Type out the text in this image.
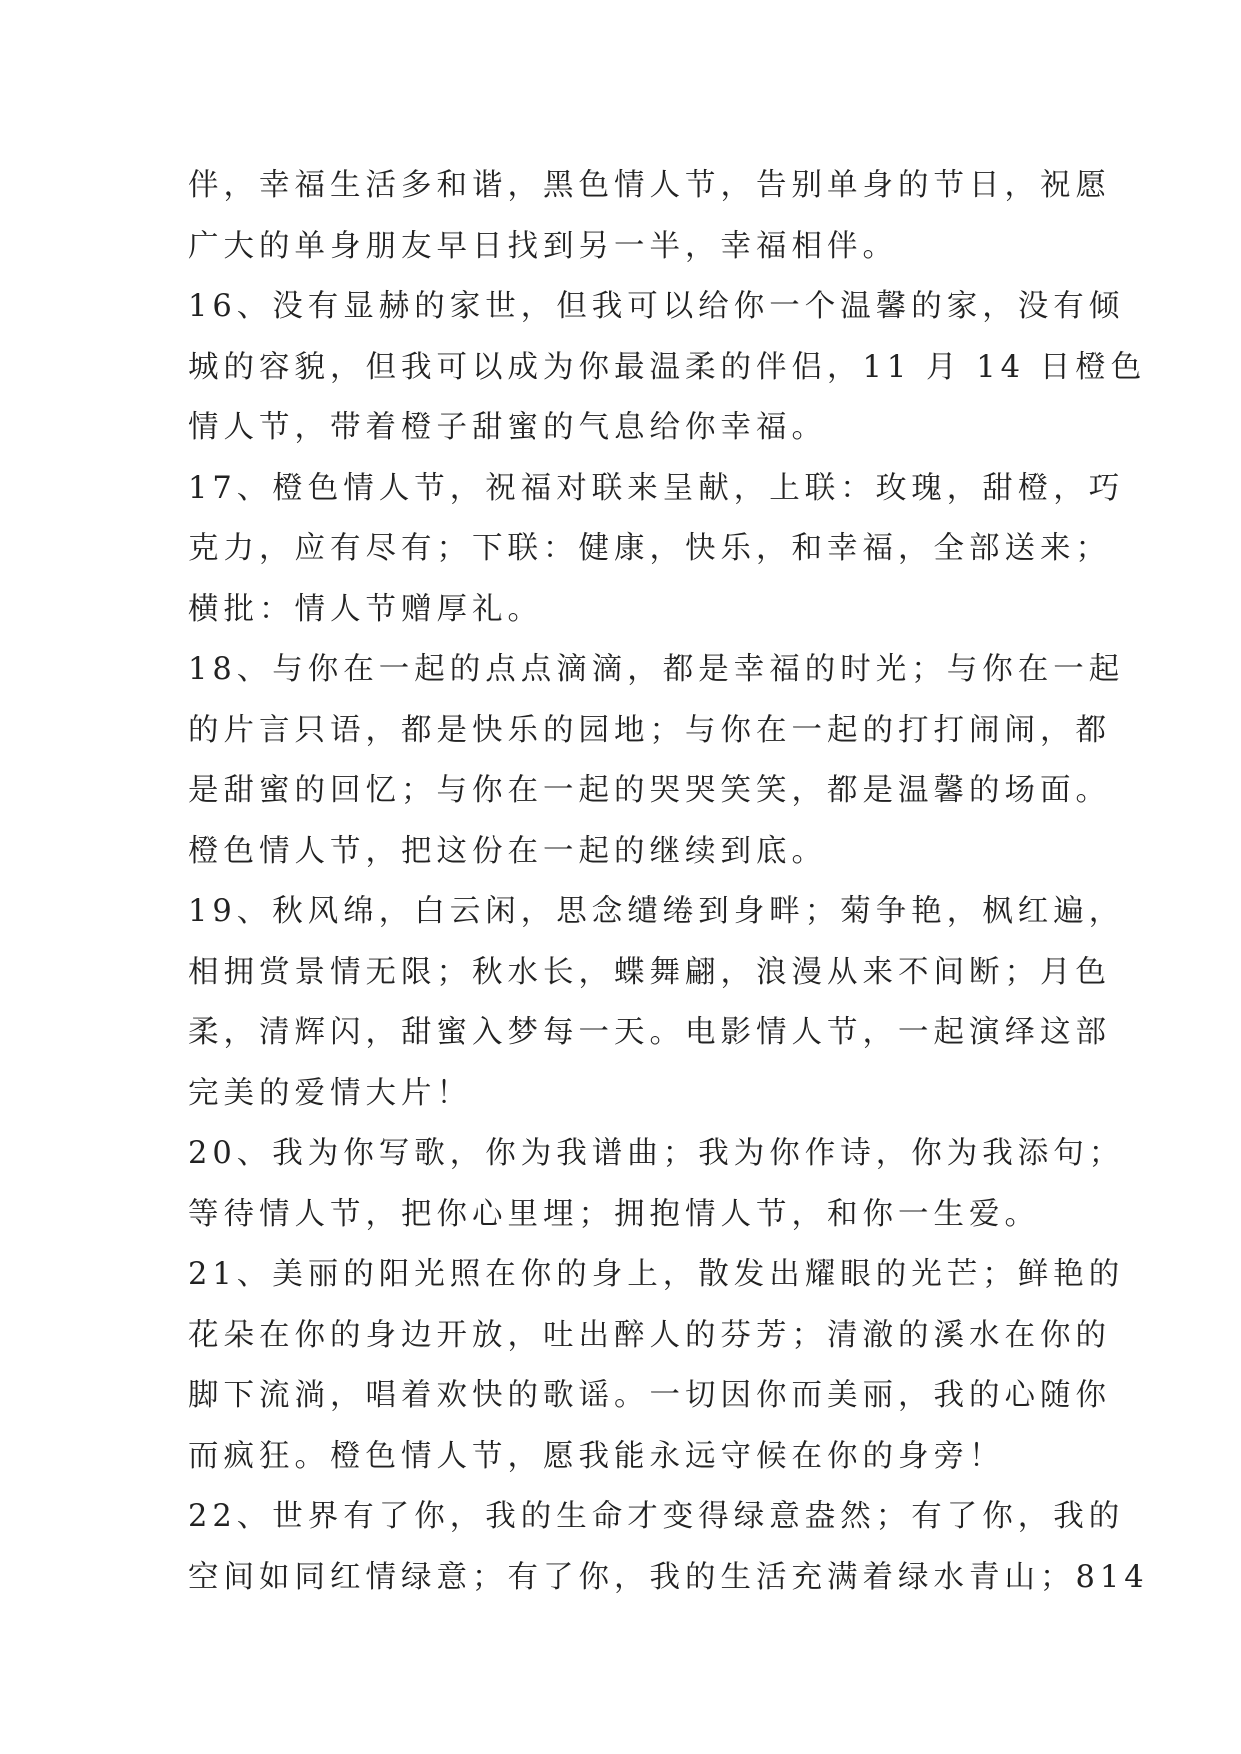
伴，幸福生活多和谐，黑色情人节，告别单身的节日，祝愿
广大的单身朋友早日找到另一半，幸福相伴。
16、没有显赫的家世，但我可以给你一个温馨的家，没有倾
城的容貌，但我可以成为你最温柔的伴侣，11 月 14 日橙色
情人节，带着橙子甜蜜的气息给你幸福。
17、橙色情人节，祝福对联来呈献，上联：玫瑰，甜橙，巧
克力，应有尽有；下联：健康，快乐，和幸福，全部送来；
横批：情人节赠厚礼。
18、与你在一起的点点滴滴，都是幸福的时光；与你在一起
的片言只语，都是快乐的园地；与你在一起的打打闹闹，都
是甜蜜的回忆；与你在一起的哭哭笑笑，都是温馨的场面。
橙色情人节，把这份在一起的继续到底。
19、秋风绵，白云闲，思念缱绻到身畔；菊争艳，枫红遍，
相拥赏景情无限；秋水长，蝶舞翩，浪漫从来不间断；月色
柔，清辉闪，甜蜜入梦每一天。电影情人节，一起演绎这部
完美的爱情大片！
20、我为你写歌，你为我谱曲；我为你作诗，你为我添句；
等待情人节，把你心里埋；拥抱情人节，和你一生爱。
21、美丽的阳光照在你的身上，散发出耀眼的光芒；鲜艳的
花朵在你的身边开放，吐出醉人的芬芳；清澈的溪水在你的
脚下流淌，唱着欢快的歌谣。一切因你而美丽，我的心随你
而疯狂。橙色情人节，愿我能永远守候在你的身旁！
22、世界有了你，我的生命才变得绿意盎然；有了你，我的
空间如同红情绿意；有了你，我的生活充满着绿水青山；814
